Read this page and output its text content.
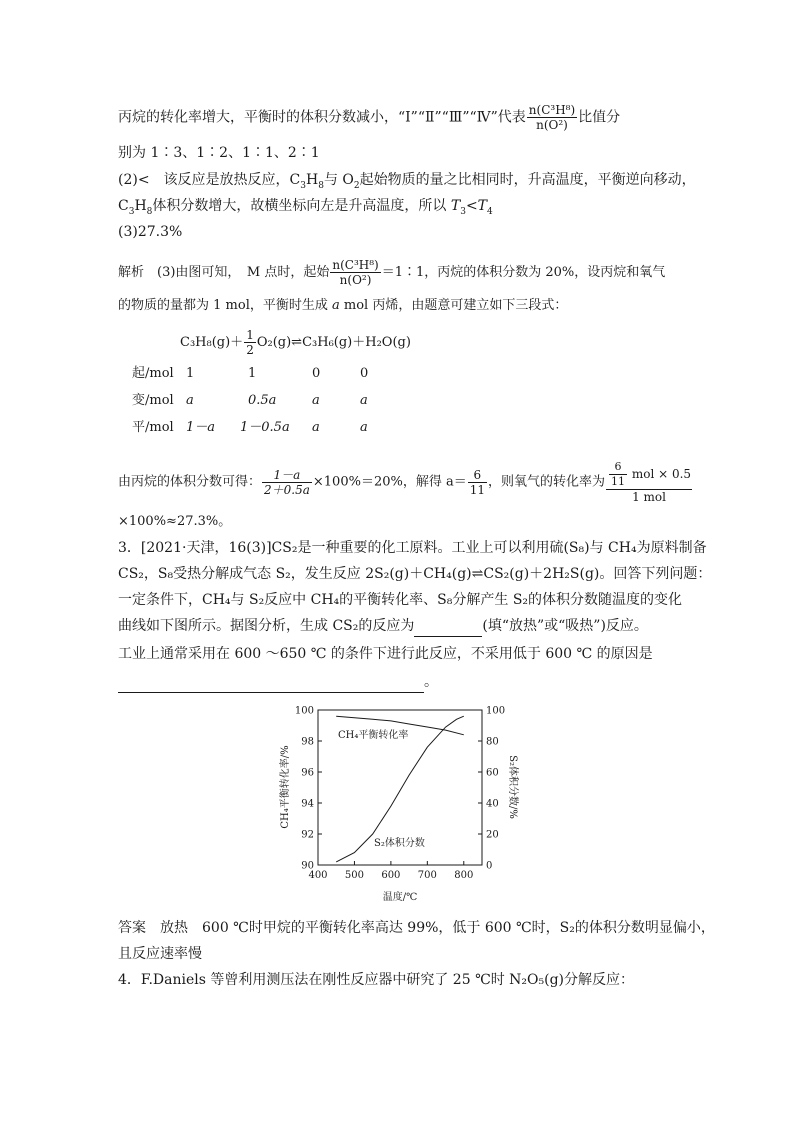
丙烷的转化率增大，平衡时的体积分数减小，“Ⅰ”“Ⅱ”“Ⅲ”“Ⅳ”代表 $\frac{\text{n(C³H⁸)}}{\text{n(O²)}}$ 比值分
别为 1∶3、1∶2、1∶1、2∶1
(2)<　该反应是放热反应，$C_3H_8$与 $O_2$起始物质的量之比相同时，升高温度，平衡逆向移动，
$C_3H_8$体积分数增大，故横坐标向左是升高温度，所以 $T_3<T_4$
(3)27.3%
解析　(3)由图可知，　M 点时，起始 $\frac{\text{n(C³H⁸)}}{\text{n(O²)}}$ ＝1∶1，丙烷的体积分数为 20%，设丙烷和氧气
的物质的量都为 1 mol，平衡时生成 a mol 丙烯，由题意可建立如下三段式：
$C_3H_8(g)+ \frac{1}{2}$ O₂(g)⇌C₃H₆(g)＋H₂O(g)
起/mol 1	1	0	0
变/mol a	0.5a	a	a
平/mol 1－a 1－0.5a a	a
由丙烷的体积分数可得： $\frac{1-a}{2+0.5a} \times 100\%=20\%$，解得 $a= \frac{6}{11}$ ，则氧气的转化率为 $\frac{\frac{6}{11} mol \times 0.5}{\text{1 mol}}$
×100%≈27.3%。
3．[2021·天津，16(3)]CS₂是一种重要的化工原料。工业上可以利用硫(S₈)与 CH₄为原料制备
CS₂，S₈受热分解成气态 S₂，发生反应 2S₂(g)＋CH₄(g)⇌CS₂(g)＋2H₂S(g)。回答下列问题：
一定条件下，CH₄与 S₂反应中 CH₄的平衡转化率、S₈分解产生 S₂的体积分数随温度的变化
曲线如下图所示。据图分析，生成 CS₂的反应为	(填“放热”或“吸热”)反应。
工业上通常采用在 600 ～650 ℃ 的条件下进行此反应，不采用低于 600 ℃ 的原因是
。
400 500 600 700 800
90
92
94
96
98
100
0
20
40
60
80
100
CH₄平衡转化率
S₂体积分数
温度/℃
CH₄平衡转化率/%	S₂体积分数/%
答案　放热　600 ℃时甲烷的平衡转化率高达 99%，低于 600 ℃时，S₂的体积分数明显偏小，
且反应速率慢
4．F.Daniels 等曾利用测压法在刚性反应器中研究了 25 ℃时 N₂O₅(g)分解反应：
